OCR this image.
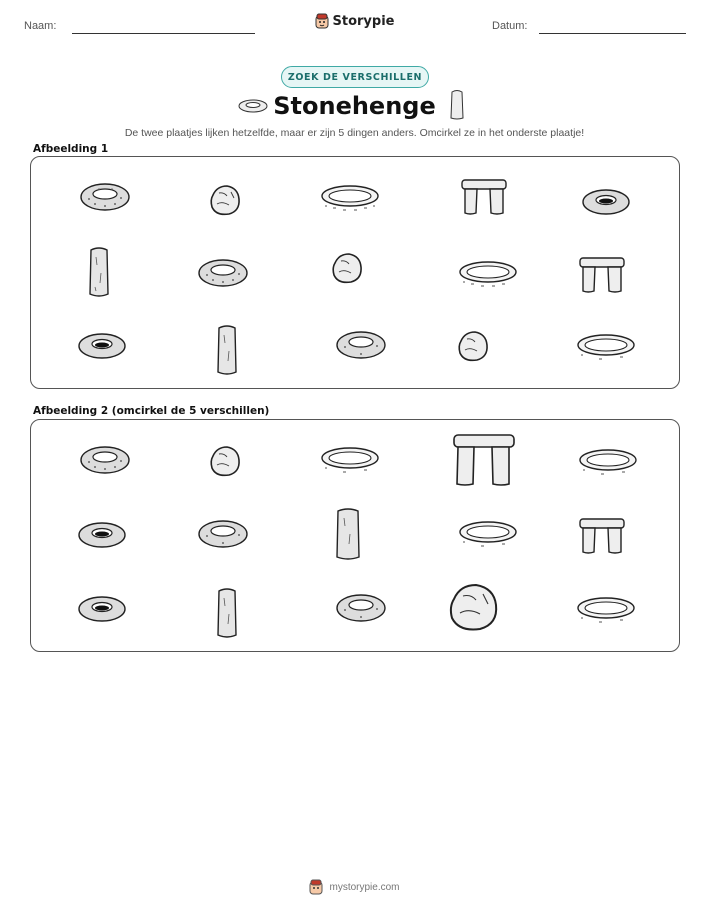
Naam:	Storypie	Datum:
ZOEK DE VERSCHILLEN
Stonehenge
De twee plaatjes lijken hetzelfde, maar er zijn 5 dingen anders. Omcirkel ze in het onderste plaatje!
Afbeelding 1
Afbeelding 2 (omcirkel de 5 verschillen)
mystorypie.com
